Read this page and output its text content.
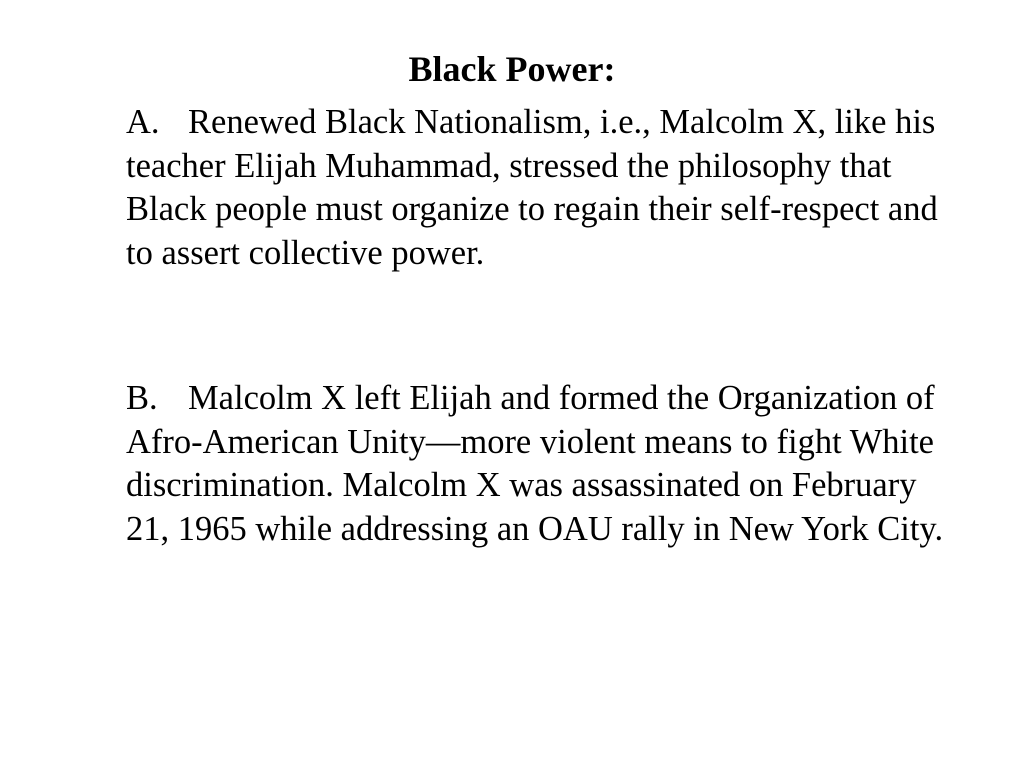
Black Power:
A. Renewed Black Nationalism, i.e., Malcolm X, like his teacher Elijah Muhammad, stressed the philosophy that Black people must organize to regain their self-respect and to assert collective power.
B. Malcolm X left Elijah and formed the Organization of Afro-American Unity—more violent means to fight White discrimination. Malcolm X was assassinated on February 21, 1965 while addressing an OAU rally in New York City.
